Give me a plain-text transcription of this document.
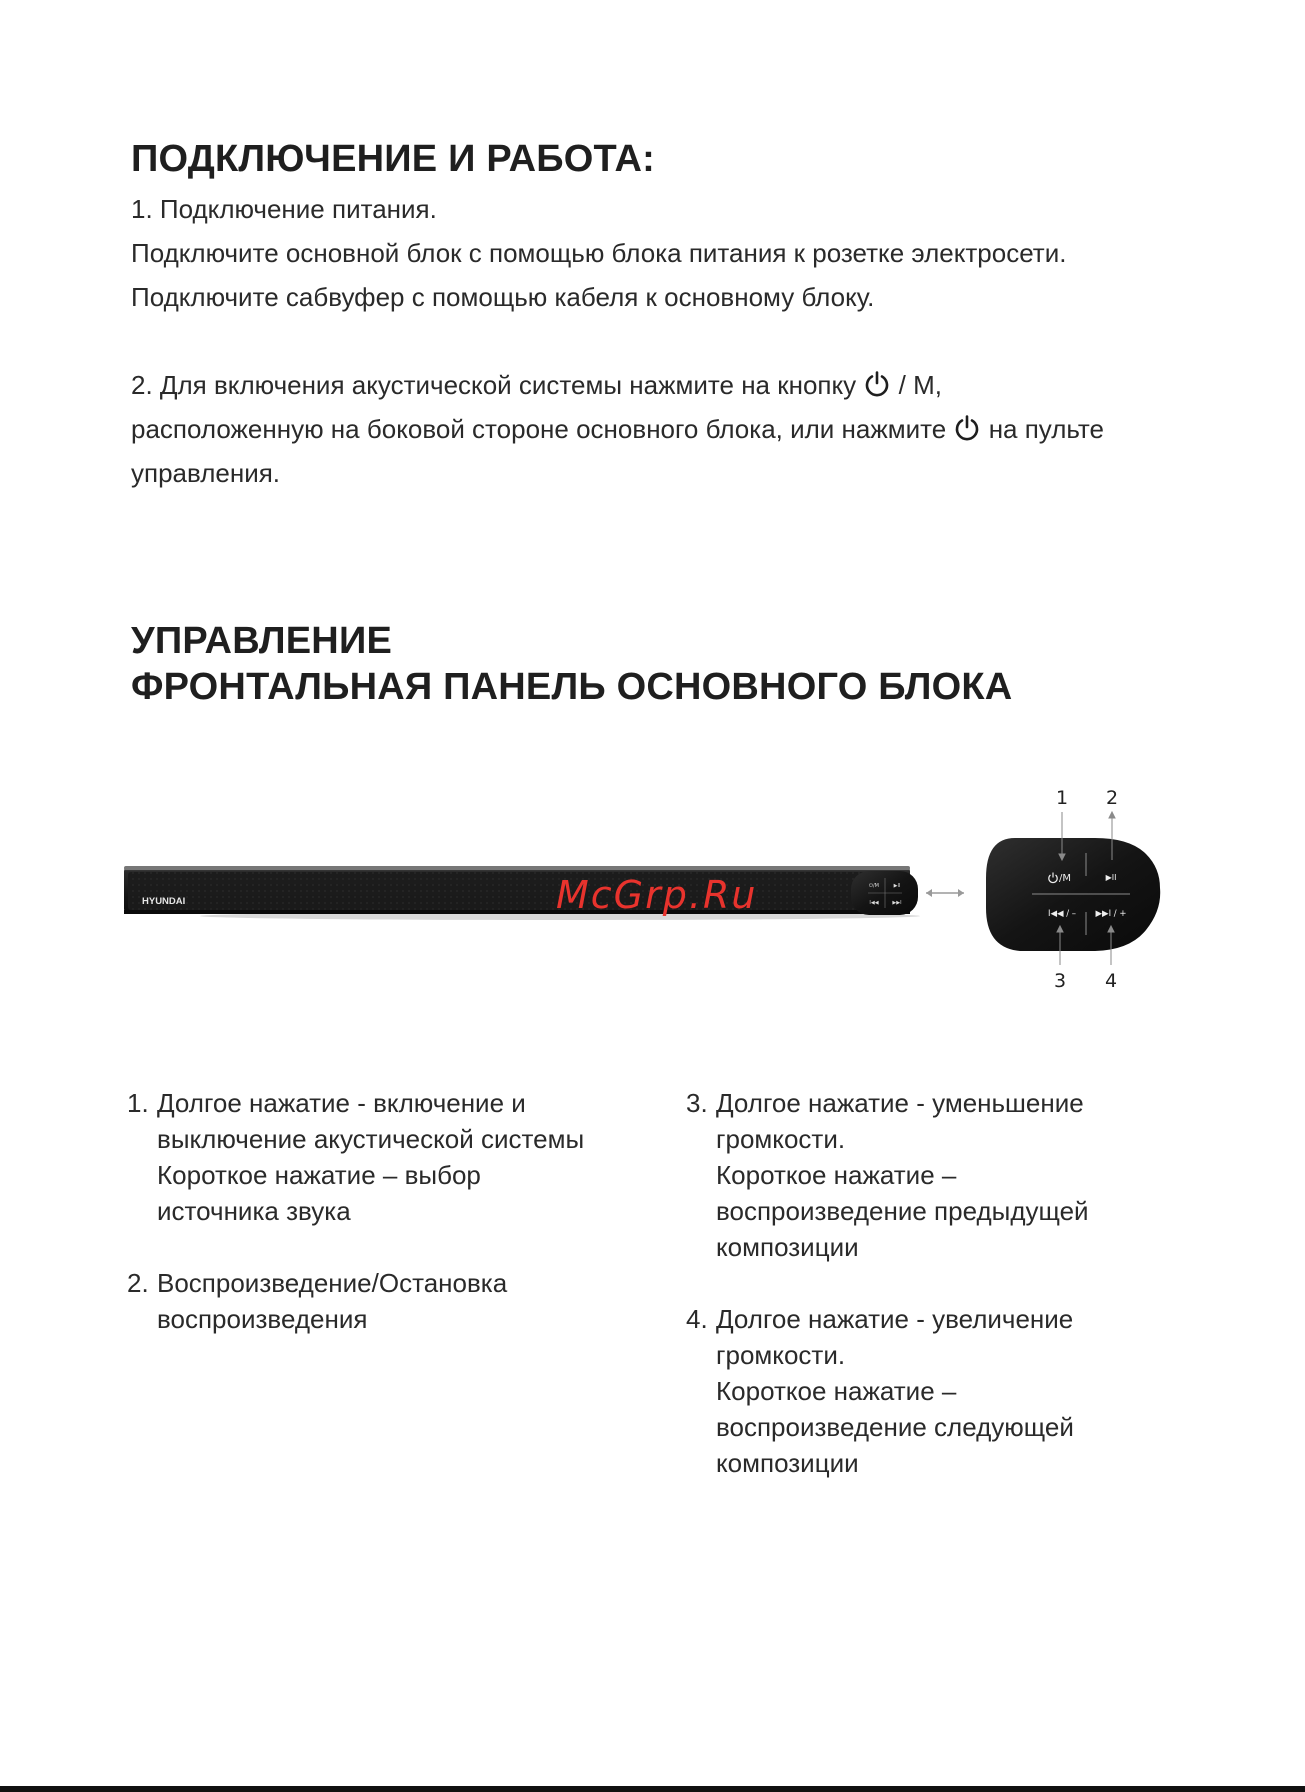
ПОДКЛЮЧЕНИЕ И РАБОТА:
1. Подключение питания.
Подключите основной блок с помощью блока питания к розетке электросети.
Подключите сабвуфер с помощью кабеля к основному блоку.
2. Для включения акустической системы нажмите на кнопку  / M,
расположенную на боковой стороне основного блока, или нажмите  на пульте
управления.
УПРАВЛЕНИЕ
ФРОНТАЛЬНАЯ ПАНЕЛЬ ОСНОВНОГО БЛОКА
HYUNDAI
⏻/M	▶II
I◀◀	▶▶I
/M	▶II
I◀◀ / – ▶▶I / +
1 2
3 4
McGrp.Ru
1. Долгое нажатие - включение и
выключение акустической системы
Короткое нажатие – выбор
источника звука
2. Воспроизведение/Остановка
воспроизведения
3. Долгое нажатие - уменьшение
громкости.
Короткое нажатие –
воспроизведение предыдущей
композиции
4. Долгое нажатие - увеличение
громкости.
Короткое нажатие –
воспроизведение следующей
композиции
